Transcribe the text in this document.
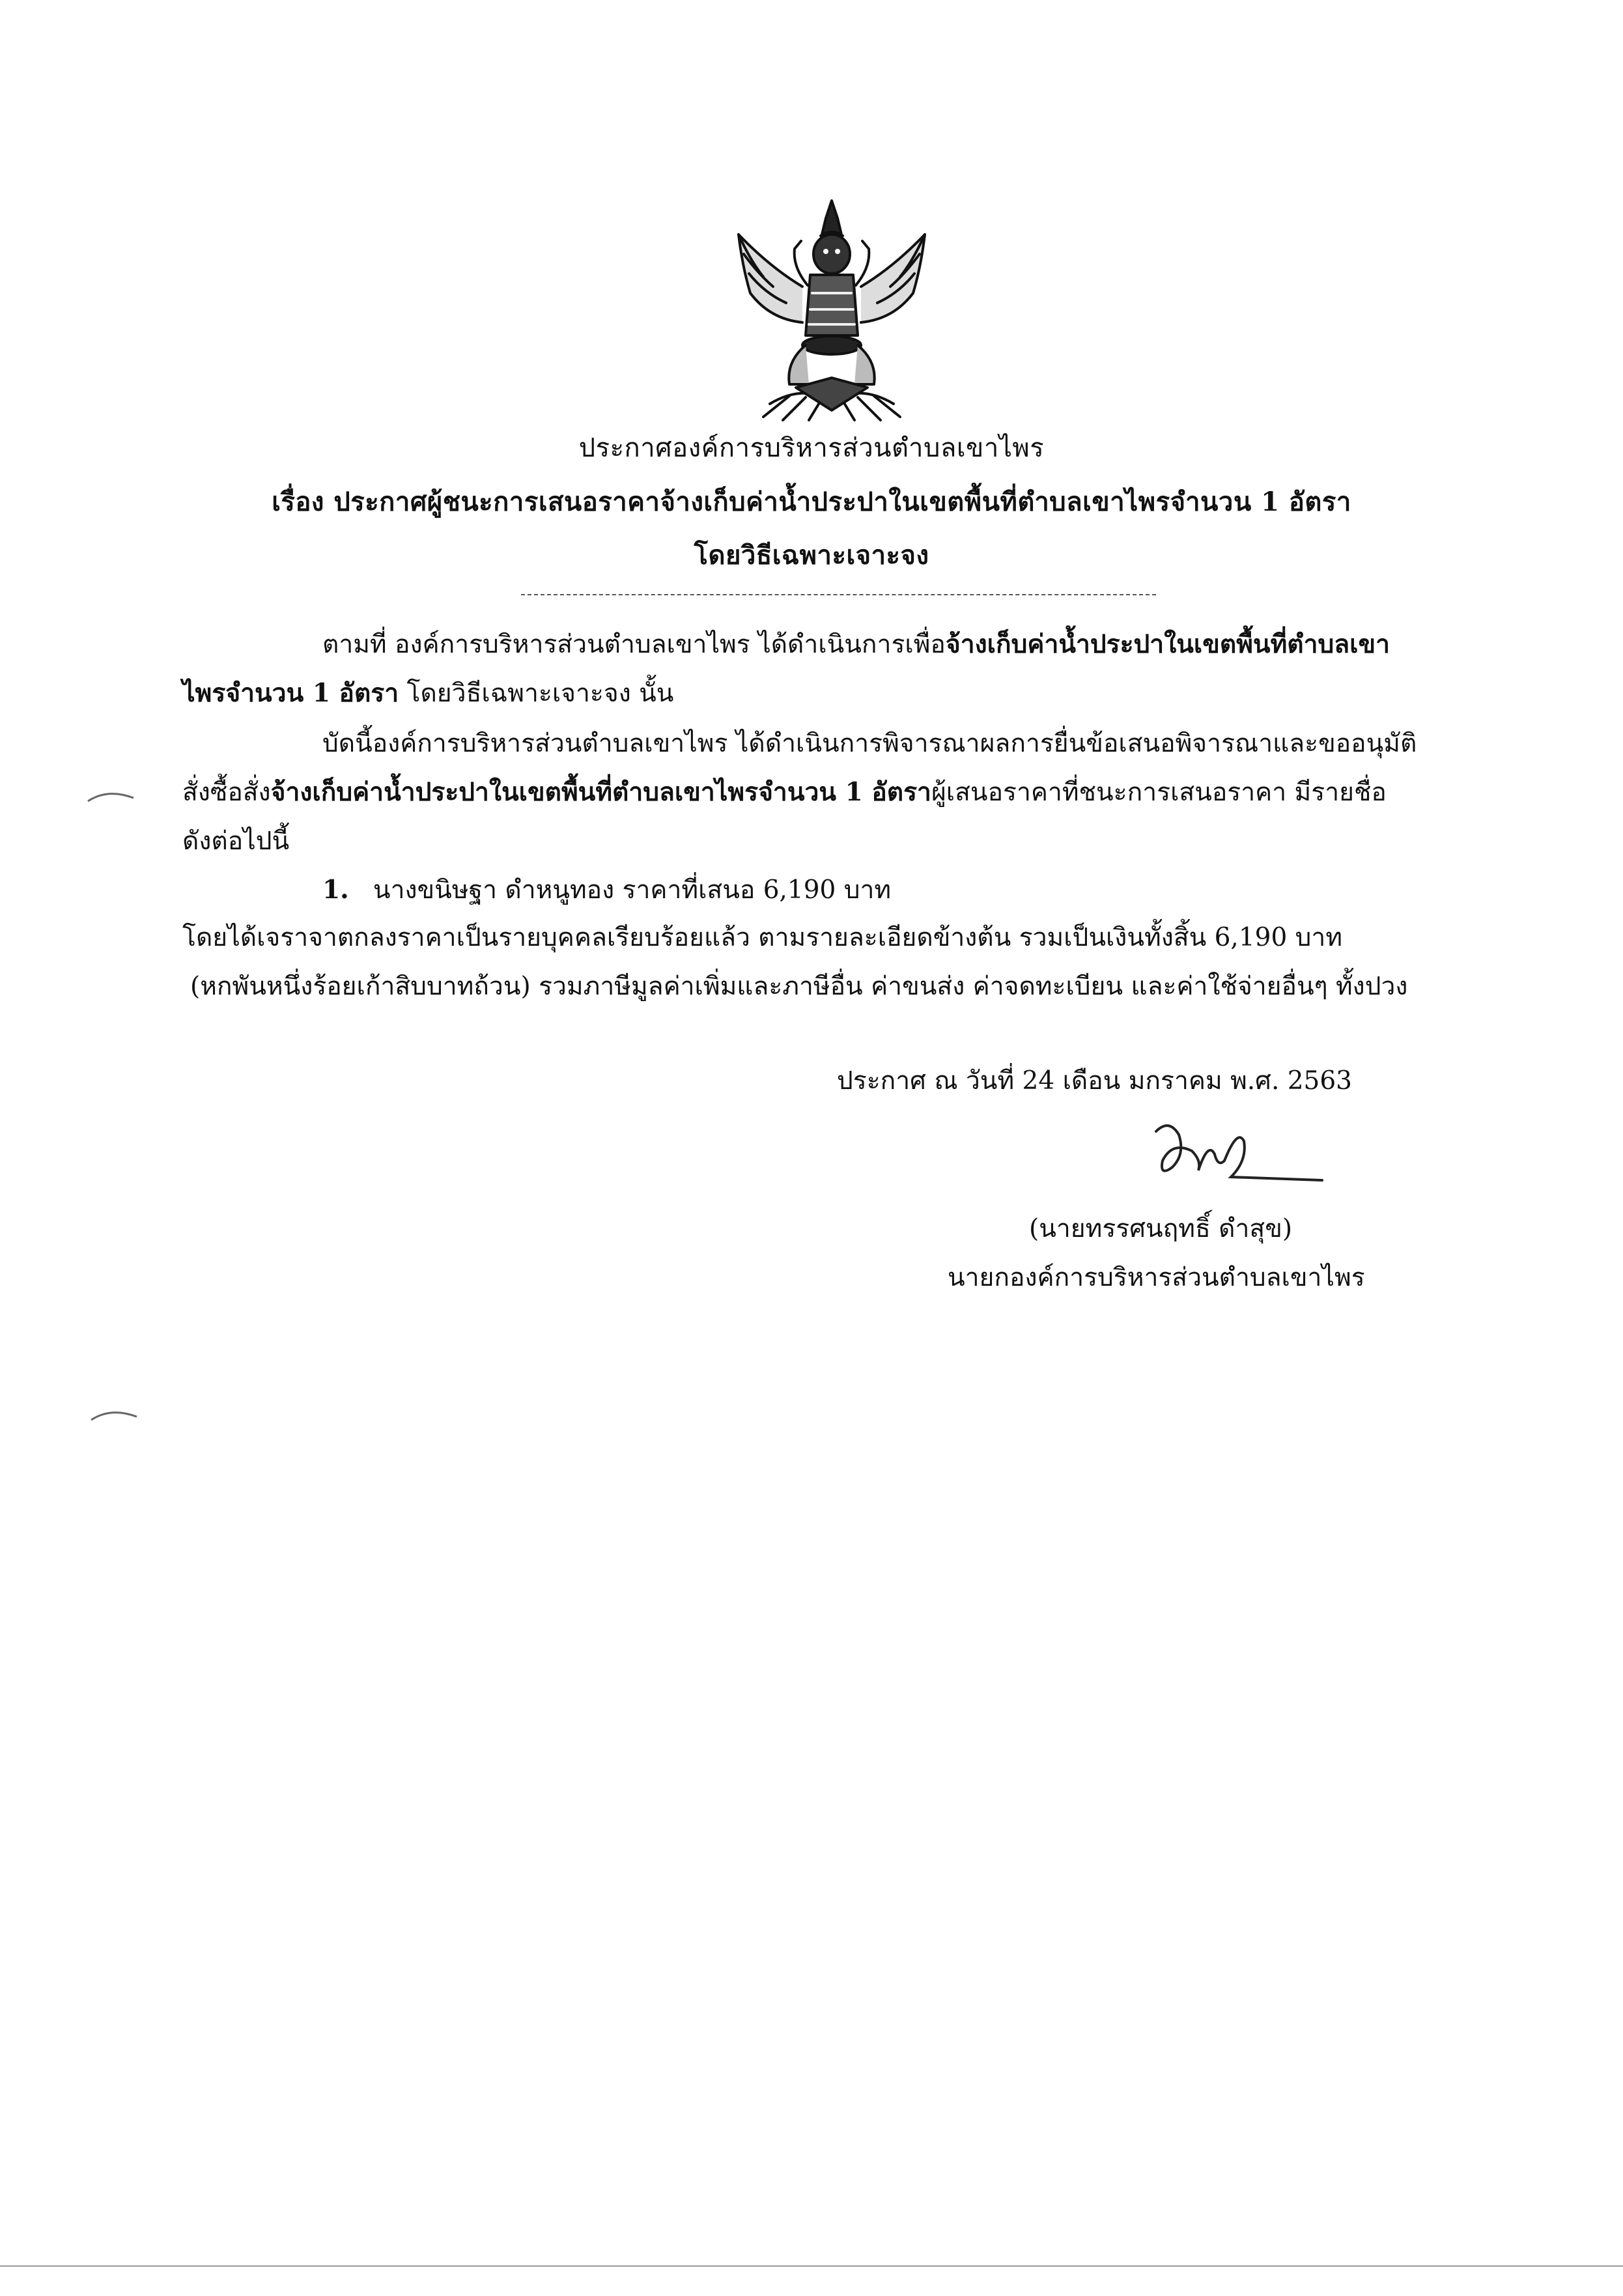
ประกาศองค์การบริหารส่วนตำบลเขาไพร
เรื่อง ประกาศผู้ชนะการเสนอราคาจ้างเก็บค่าน้ำประปาในเขตพื้นที่ตำบลเขาไพรจำนวน 1 อัตรา
โดยวิธีเฉพาะเจาะจง
ตามที่ องค์การบริหารส่วนตำบลเขาไพร ได้ดำเนินการเพื่อจ้างเก็บค่าน้ำประปาในเขตพื้นที่ตำบลเขา
ไพรจำนวน 1 อัตรา โดยวิธีเฉพาะเจาะจง นั้น
บัดนี้องค์การบริหารส่วนตำบลเขาไพร ได้ดำเนินการพิจารณาผลการยื่นข้อเสนอพิจารณาและขออนุมัติ
สั่งซื้อสั่งจ้างเก็บค่าน้ำประปาในเขตพื้นที่ตำบลเขาไพรจำนวน 1 อัตราผู้เสนอราคาที่ชนะการเสนอราคา มีรายชื่อ
ดังต่อไปนี้
1. นางขนิษฐา ดำหนูทอง ราคาที่เสนอ 6,190 บาท
โดยได้เจราจาตกลงราคาเป็นรายบุคคลเรียบร้อยแล้ว ตามรายละเอียดข้างต้น รวมเป็นเงินทั้งสิ้น 6,190 บาท
(หกพันหนึ่งร้อยเก้าสิบบาทถ้วน) รวมภาษีมูลค่าเพิ่มและภาษีอื่น ค่าขนส่ง ค่าจดทะเบียน และค่าใช้จ่ายอื่นๆ ทั้งปวง
ประกาศ ณ วันที่ 24 เดือน มกราคม พ.ศ. 2563
(นายทรรศนฤทธิ์ ดำสุข)
นายกองค์การบริหารส่วนตำบลเขาไพร
